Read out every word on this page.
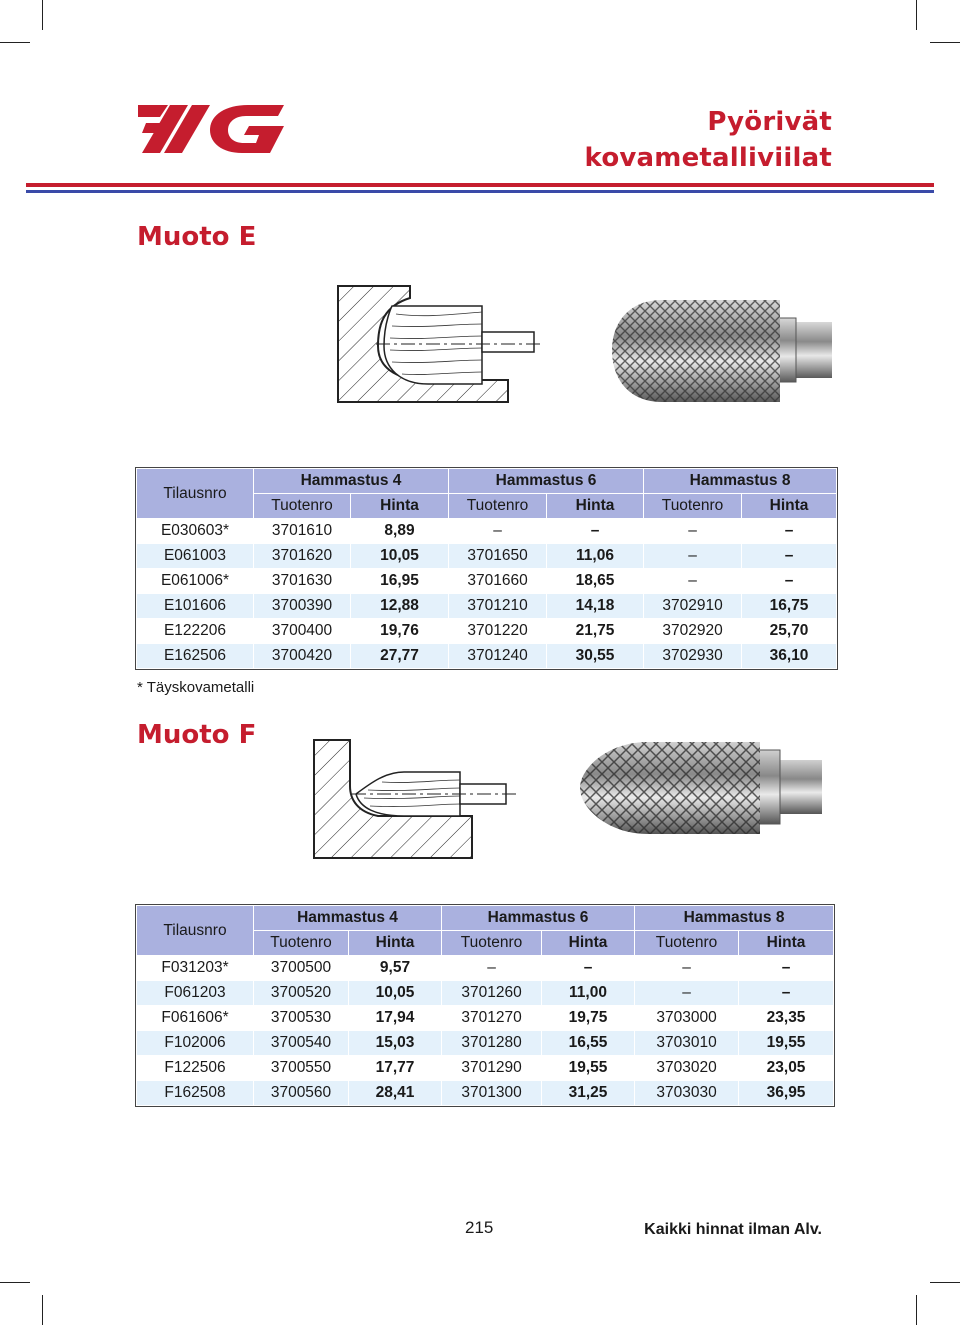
Pyörivät
kovametalliviilat
Muoto E
Tilausnro	Hammastus 4		Hammastus 6		Hammastus 8	
	Tuotenro	Hinta	Tuotenro	Hinta	Tuotenro	Hinta
E030603*	3701610	8,89	–	–	–	–
E061003	3701620	10,05	3701650	11,06	–	–
E061006*	3701630	16,95	3701660	18,65	–	–
E101606	3700390	12,88	3701210	14,18	3702910	16,75
E122206	3700400	19,76	3701220	21,75	3702920	25,70
E162506	3700420	27,77	3701240	30,55	3702930	36,10
* Täyskovametalli
Muoto F
Tilausnro	Hammastus 4		Hammastus 6		Hammastus 8	
	Tuotenro	Hinta	Tuotenro	Hinta	Tuotenro	Hinta
F031203*	3700500	9,57	–	–	–	–
F061203	3700520	10,05	3701260	11,00	–	–
F061606*	3700530	17,94	3701270	19,75	3703000	23,35
F102006	3700540	15,03	3701280	16,55	3703010	19,55
F122506	3700550	17,77	3701290	19,55	3703020	23,05
F162508	3700560	28,41	3701300	31,25	3703030	36,95
215	Kaikki hinnat ilman Alv.
